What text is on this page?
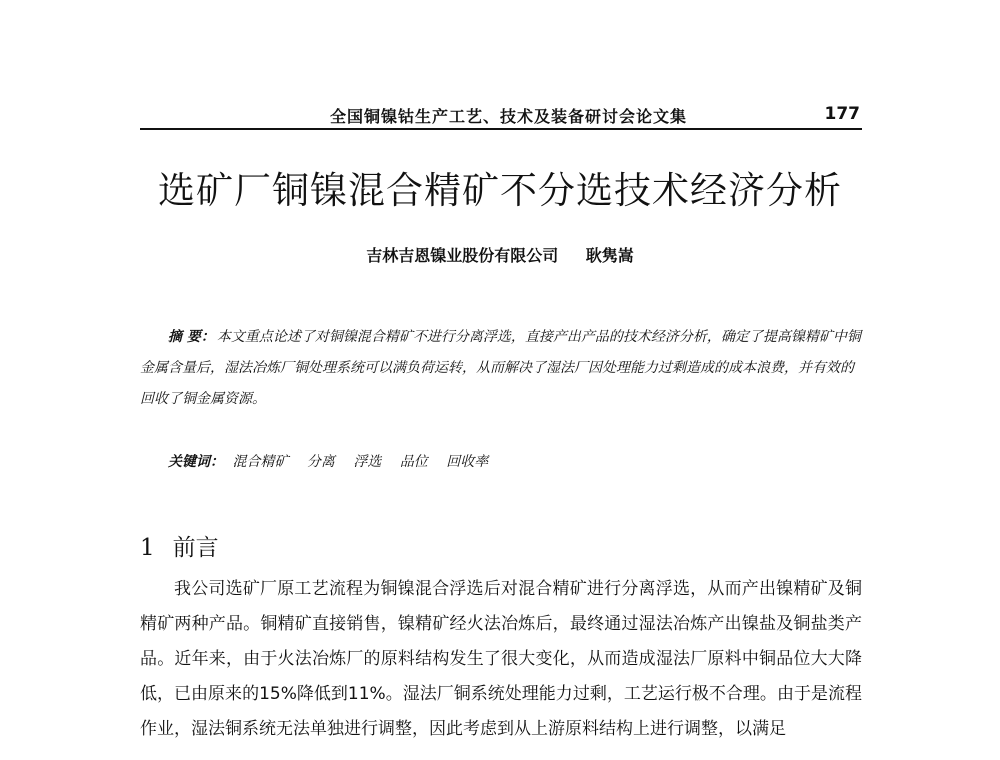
全国铜镍钴生产工艺、技术及装备研讨会论文集	177
选矿厂铜镍混合精矿不分选技术经济分析
吉林吉恩镍业股份有限公司 耿隽嵩
摘 要： 本文重点论述了对铜镍混合精矿不进行分离浮选，直接产出产品的技术经济分析，确定了提高镍精矿中铜金属含量后，湿法冶炼厂铜处理系统可以满负荷运转，从而解决了湿法厂因处理能力过剩造成的成本浪费，并有效的回收了铜金属资源。
关键词： 混合精矿 分离 浮选 品位 回收率
1 前言
我公司选矿厂原工艺流程为铜镍混合浮选后对混合精矿进行分离浮选，从而产出镍精矿及铜精矿两种产品。铜精矿直接销售，镍精矿经火法冶炼后，最终通过湿法冶炼产出镍盐及铜盐类产品。近年来，由于火法冶炼厂的原料结构发生了很大变化，从而造成湿法厂原料中铜品位大大降低，已由原来的15%降低到11%。湿法厂铜系统处理能力过剩，工艺运行极不合理。由于是流程作业，湿法铜系统无法单独进行调整，因此考虑到从上游原料结构上进行调整，以满足
